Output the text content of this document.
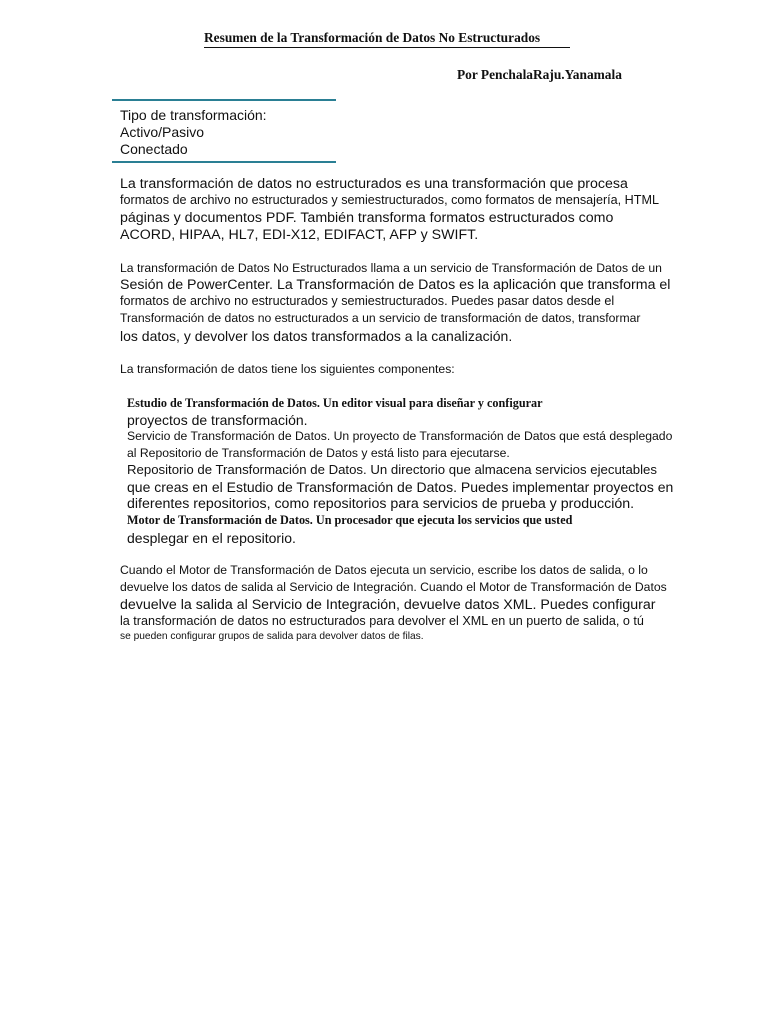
Resumen de la Transformación de Datos No Estructurados
Por PenchalaRaju.Yanamala
Tipo de transformación:
Activo/Pasivo
Conectado
La transformación de datos no estructurados es una transformación que procesa
formatos de archivo no estructurados y semiestructurados, como formatos de mensajería, HTML
páginas y documentos PDF. También transforma formatos estructurados como
ACORD, HIPAA, HL7, EDI-X12, EDIFACT, AFP y SWIFT.
La transformación de Datos No Estructurados llama a un servicio de Transformación de Datos de un
Sesión de PowerCenter. La Transformación de Datos es la aplicación que transforma el
formatos de archivo no estructurados y semiestructurados. Puedes pasar datos desde el
Transformación de datos no estructurados a un servicio de transformación de datos, transformar
los datos, y devolver los datos transformados a la canalización.
La transformación de datos tiene los siguientes componentes:
Estudio de Transformación de Datos. Un editor visual para diseñar y configurar
proyectos de transformación.
Servicio de Transformación de Datos. Un proyecto de Transformación de Datos que está desplegado
al Repositorio de Transformación de Datos y está listo para ejecutarse.
Repositorio de Transformación de Datos. Un directorio que almacena servicios ejecutables
que creas en el Estudio de Transformación de Datos. Puedes implementar proyectos en
diferentes repositorios, como repositorios para servicios de prueba y producción.
Motor de Transformación de Datos. Un procesador que ejecuta los servicios que usted
desplegar en el repositorio.
Cuando el Motor de Transformación de Datos ejecuta un servicio, escribe los datos de salida, o lo
devuelve los datos de salida al Servicio de Integración. Cuando el Motor de Transformación de Datos
devuelve la salida al Servicio de Integración, devuelve datos XML. Puedes configurar
la transformación de datos no estructurados para devolver el XML en un puerto de salida, o tú
se pueden configurar grupos de salida para devolver datos de filas.
